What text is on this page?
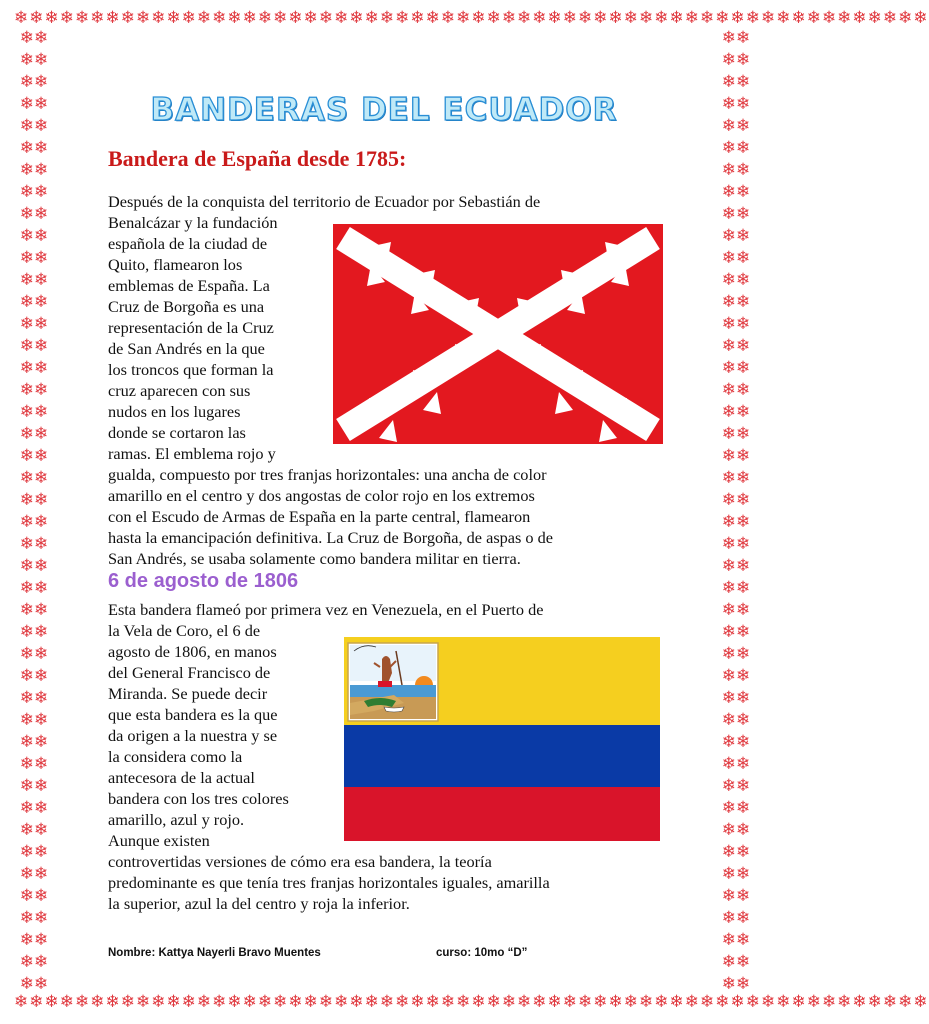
❄❄❄❄❄❄❄❄❄❄❄❄❄❄❄❄❄❄❄❄❄❄❄❄❄❄❄❄❄❄❄❄❄❄❄❄❄❄❄❄❄❄❄❄❄❄❄❄❄❄❄❄❄❄❄❄❄❄❄❄
❄❄❄❄❄❄❄❄❄❄❄❄❄❄❄❄❄❄❄❄❄❄❄❄❄❄❄❄❄❄❄❄❄❄❄❄❄❄❄❄❄❄❄❄❄❄❄❄❄❄❄❄❄❄❄❄❄❄❄❄
❄❄
❄❄
❄❄
❄❄
❄❄
❄❄
❄❄
❄❄
❄❄
❄❄
❄❄
❄❄
❄❄
❄❄
❄❄
❄❄
❄❄
❄❄
❄❄
❄❄
❄❄
❄❄
❄❄
❄❄
❄❄
❄❄
❄❄
❄❄
❄❄
❄❄
❄❄
❄❄
❄❄
❄❄
❄❄
❄❄
❄❄
❄❄
❄❄
❄❄
❄❄
❄❄
❄❄
❄❄
❄❄
❄❄
❄❄
❄❄
❄❄
❄❄
❄❄
❄❄
❄❄
❄❄
❄❄
❄❄
❄❄
❄❄
❄❄
❄❄
❄❄
❄❄
❄❄
❄❄
❄❄
❄❄
❄❄
❄❄
❄❄
❄❄
❄❄
❄❄
❄❄
❄❄
❄❄
❄❄
❄❄
❄❄
❄❄
❄❄
❄❄
❄❄
❄❄
❄❄
❄❄
❄❄
❄❄
❄❄
BANDERAS DEL ECUADOR
Bandera de España desde 1785:
Después de la conquista del territorio de Ecuador por Sebastián de
Benalcázar y la fundación
española de la ciudad de
Quito, flamearon los
emblemas de España. La
Cruz de Borgoña es una
representación de la Cruz
de San Andrés en la que
los troncos que forman la
cruz aparecen con sus
nudos en los lugares
donde se cortaron las
ramas. El emblema rojo y
gualda, compuesto por tres franjas horizontales: una ancha de color
amarillo en el centro y dos angostas de color rojo en los extremos
con el Escudo de Armas de España en la parte central, flamearon
hasta la emancipación definitiva. La Cruz de Borgoña, de aspas o de
San Andrés, se usaba solamente como bandera militar en tierra.
6 de agosto de 1806
Esta bandera flameó por primera vez en Venezuela, en el Puerto de
la Vela de Coro, el 6 de
agosto de 1806, en manos
del General Francisco de
Miranda. Se puede decir
que esta bandera es la que
da origen a la nuestra y se
la considera como la
antecesora de la actual
bandera con los tres colores
amarillo, azul y rojo.
Aunque existen
controvertidas versiones de cómo era esa bandera, la teoría
predominante es que tenía tres franjas horizontales iguales, amarilla
la superior, azul la del centro y roja la inferior.
Nombre: Kattya Nayerli Bravo Muentes	curso: 10mo “D”
